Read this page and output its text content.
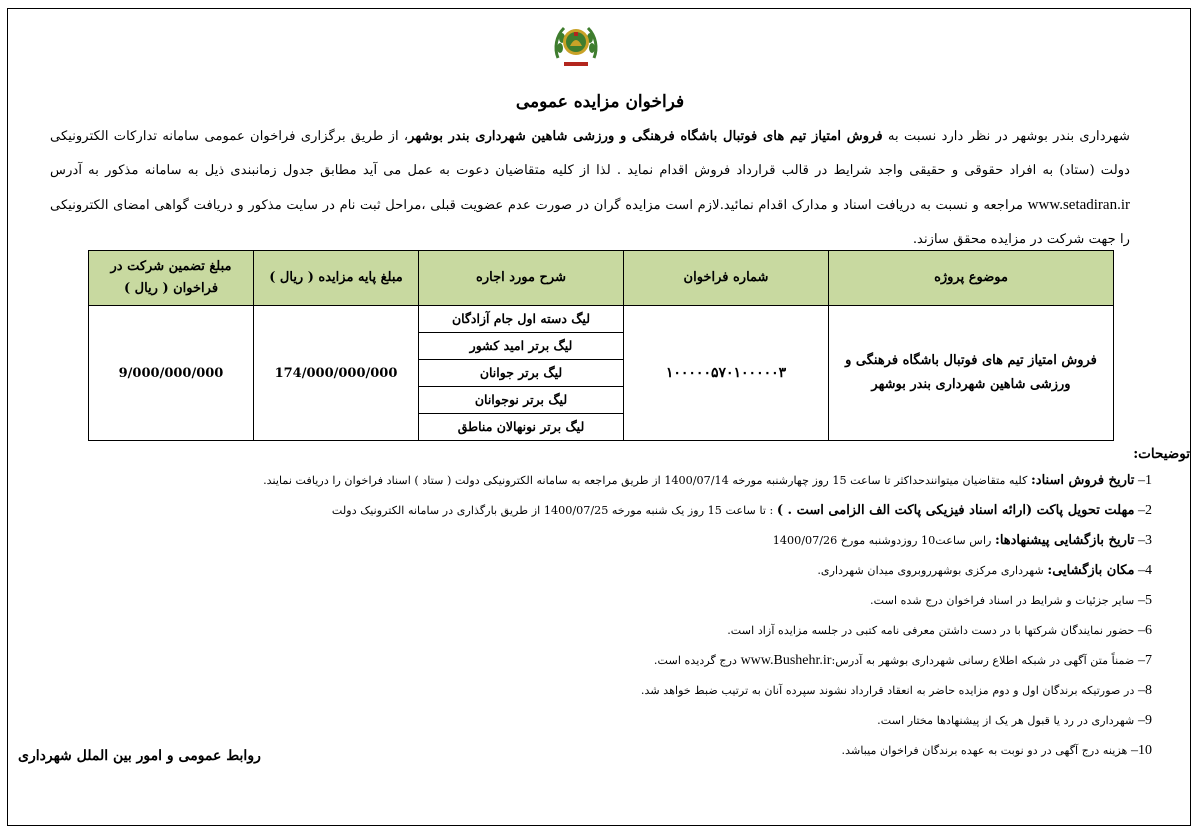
فراخوان مزایده عمومی
شهرداری بندر بوشهر در نظر دارد نسبت به فروش امتیاز تیم های فوتبال باشگاه فرهنگی و ورزشی شاهین شهرداری بندر بوشهر، از طریق برگزاری فراخوان عمومی سامانه تدارکات الکترونیکی دولت (ستاد) به افراد حقوقی و حقیقی واجد شرایط در قالب قرارداد فروش اقدام نماید . لذا از کلیه متقاضیان دعوت به عمل می آید مطابق جدول زمانبندی ذیل به سامانه مذکور به آدرس www.setadiran.ir مراجعه و نسبت به دریافت اسناد و مدارک اقدام نمائید.لازم است مزایده گران در صورت عدم عضویت قبلی ،مراحل ثبت نام در سایت مذکور و دریافت گواهی امضای الکترونیکی را جهت شرکت در مزایده محقق سازند.
موضوع پروژه	شماره فراخوان	شرح مورد اجاره	مبلغ پایه مزایده ( ریال )	مبلغ تضمین شرکت در فراخوان ( ریال )
فروش امتیاز تیم های فوتبال باشگاه فرهنگی و ورزشی شاهین شهرداری بندر بوشهر	۱۰۰۰۰۰۵۷۰۱۰۰۰۰۰۳	لیگ دسته اول جام آزادگان
لیگ برتر امید کشور
لیگ برتر جوانان
لیگ برتر نوجوانان
لیگ برتر نونهالان مناطق	174/000/000/000	9/000/000/000
توضیحات:
1– تاریخ فروش اسناد: کلیه متقاضیان میتوانندحداکثر تا ساعت 15 روز چهارشنبه مورخه 1400/07/14 از طریق مراجعه به سامانه الکترونیکی دولت ( ستاد ) اسناد فراخوان را دریافت نمایند.
2– مهلت تحویل پاکت (ارائه اسناد فیزیکی پاکت الف الزامی است . ) : تا ساعت 15 روز یک شنبه مورخه 1400/07/25 از طریق بارگذاری در سامانه الکترونیک دولت
3– تاریخ بازگشایی پیشنهادها: راس ساعت10 روزدوشنبه مورخ 1400/07/26
4– مکان بازگشایی: شهرداری مرکزی بوشهرروبروی میدان شهرداری.
5– سایر جزئیات و شرایط در اسناد فراخوان درج شده است.
6– حضور نمایندگان شرکتها با در دست داشتن معرفی نامه کتبی در جلسه مزایده آزاد است.
7– ضمناً متن آگهی در شبکه اطلاع رسانی شهرداری بوشهر به آدرس:www.Bushehr.ir درج گردیده است.
8– در صورتیکه برندگان اول و دوم مزایده حاضر به انعقاد قرارداد نشوند سپرده آنان به ترتیب ضبط خواهد شد.
9– شهرداری در رد یا قبول هر یک از پیشنهادها مختار است.
10– هزینه درج آگهی در دو نوبت به عهده برندگان فراخوان میباشد.
روابط عمومی و امور بین الملل شهرداری
